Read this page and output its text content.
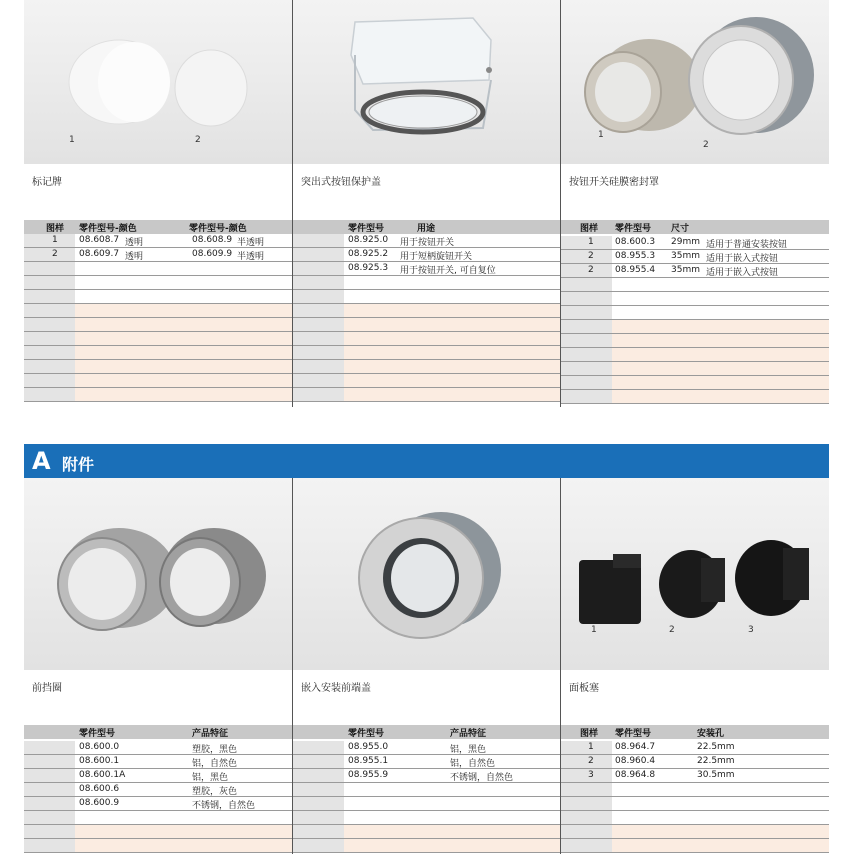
1	2
标记牌
图样 零件型号-颜色	零件型号-颜色
1 08.608.7 透明	08.608.9 半透明
2 08.609.7 透明	08.609.9 半透明
突出式按钮保护盖
零件型号	用途
08.925.0 用于按钮开关
08.925.2 用于短柄旋钮开关
08.925.3 用于按钮开关, 可自复位
1
2
按钮开关硅膜密封罩
图样 零件型号 尺寸
1 08.600.3 29mm 适用于普通安装按钮
2 08.955.3 35mm 适用于嵌入式按钮
2 08.955.4 35mm 适用于嵌入式按钮
A 附件
前挡圈
零件型号	产品特征
08.600.0	塑胶，黑色
08.600.1	铝，自然色
08.600.1A	铝，黑色
08.600.6	塑胶，灰色
08.600.9	不锈钢，自然色
嵌入安装前端盖
零件型号	产品特征
08.955.0	铝，黑色
08.955.1	铝，自然色
08.955.9	不锈钢，自然色
1	2	3
面板塞
图样 零件型号	安装孔
1 08.964.7	22.5mm
2 08.960.4	22.5mm
3 08.964.8	30.5mm
